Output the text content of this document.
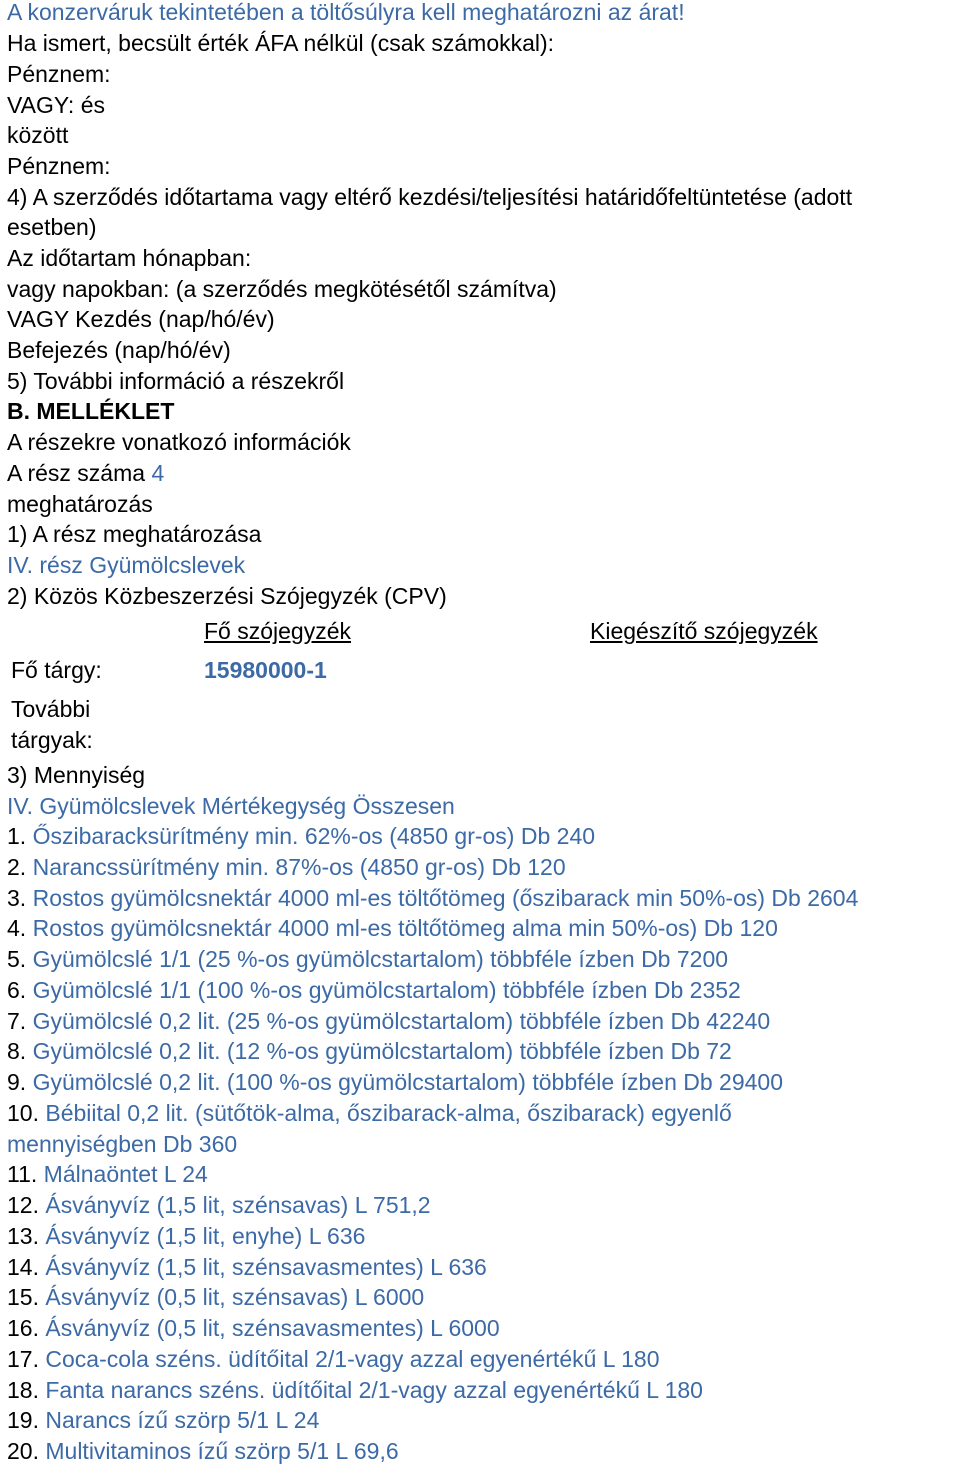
A konzerváruk tekintetében a töltősúlyra kell meghatározni az árat!
Ha ismert, becsült érték ÁFA nélkül (csak számokkal):
Pénznem:
VAGY: és
között
Pénznem:
4) A szerződés időtartama vagy eltérő kezdési/teljesítési határidőfeltüntetése (adott
esetben)
Az időtartam hónapban:
vagy napokban: (a szerződés megkötésétől számítva)
VAGY Kezdés (nap/hó/év)
Befejezés (nap/hó/év)
5) További információ a részekről
B. MELLÉKLET
A részekre vonatkozó információk
A rész száma 4
meghatározás
1) A rész meghatározása
IV. rész Gyümölcslevek
2) Közös Közbeszerzési Szójegyzék (CPV)
Fő szójegyzék	Kiegészítő szójegyzék
Fő tárgy:	15980000-1
További
tárgyak:
3) Mennyiség
IV. Gyümölcslevek Mértékegység Összesen
1. Őszibaracksürítmény min. 62%-os (4850 gr-os) Db 240
2. Narancssürítmény min. 87%-os (4850 gr-os) Db 120
3. Rostos gyümölcsnektár 4000 ml-es töltőtömeg (őszibarack min 50%-os) Db 2604
4. Rostos gyümölcsnektár 4000 ml-es töltőtömeg alma min 50%-os) Db 120
5. Gyümölcslé 1/1 (25 %-os gyümölcstartalom) többféle ízben Db 7200
6. Gyümölcslé 1/1 (100 %-os gyümölcstartalom) többféle ízben Db 2352
7. Gyümölcslé 0,2 lit. (25 %-os gyümölcstartalom) többféle ízben Db 42240
8. Gyümölcslé 0,2 lit. (12 %-os gyümölcstartalom) többféle ízben Db 72
9. Gyümölcslé 0,2 lit. (100 %-os gyümölcstartalom) többféle ízben Db 29400
10. Bébiital 0,2 lit. (sütőtök-alma, őszibarack-alma, őszibarack) egyenlő
mennyiségben Db 360
11. Málnaöntet L 24
12. Ásványvíz (1,5 lit, szénsavas) L 751,2
13. Ásványvíz (1,5 lit, enyhe) L 636
14. Ásványvíz (1,5 lit, szénsavasmentes) L 636
15. Ásványvíz (0,5 lit, szénsavas) L 6000
16. Ásványvíz (0,5 lit, szénsavasmentes) L 6000
17. Coca-cola széns. üdítőital 2/1-vagy azzal egyenértékű L 180
18. Fanta narancs széns. üdítőital 2/1-vagy azzal egyenértékű L 180
19. Narancs ízű szörp 5/1 L 24
20. Multivitaminos ízű szörp 5/1 L 69,6
